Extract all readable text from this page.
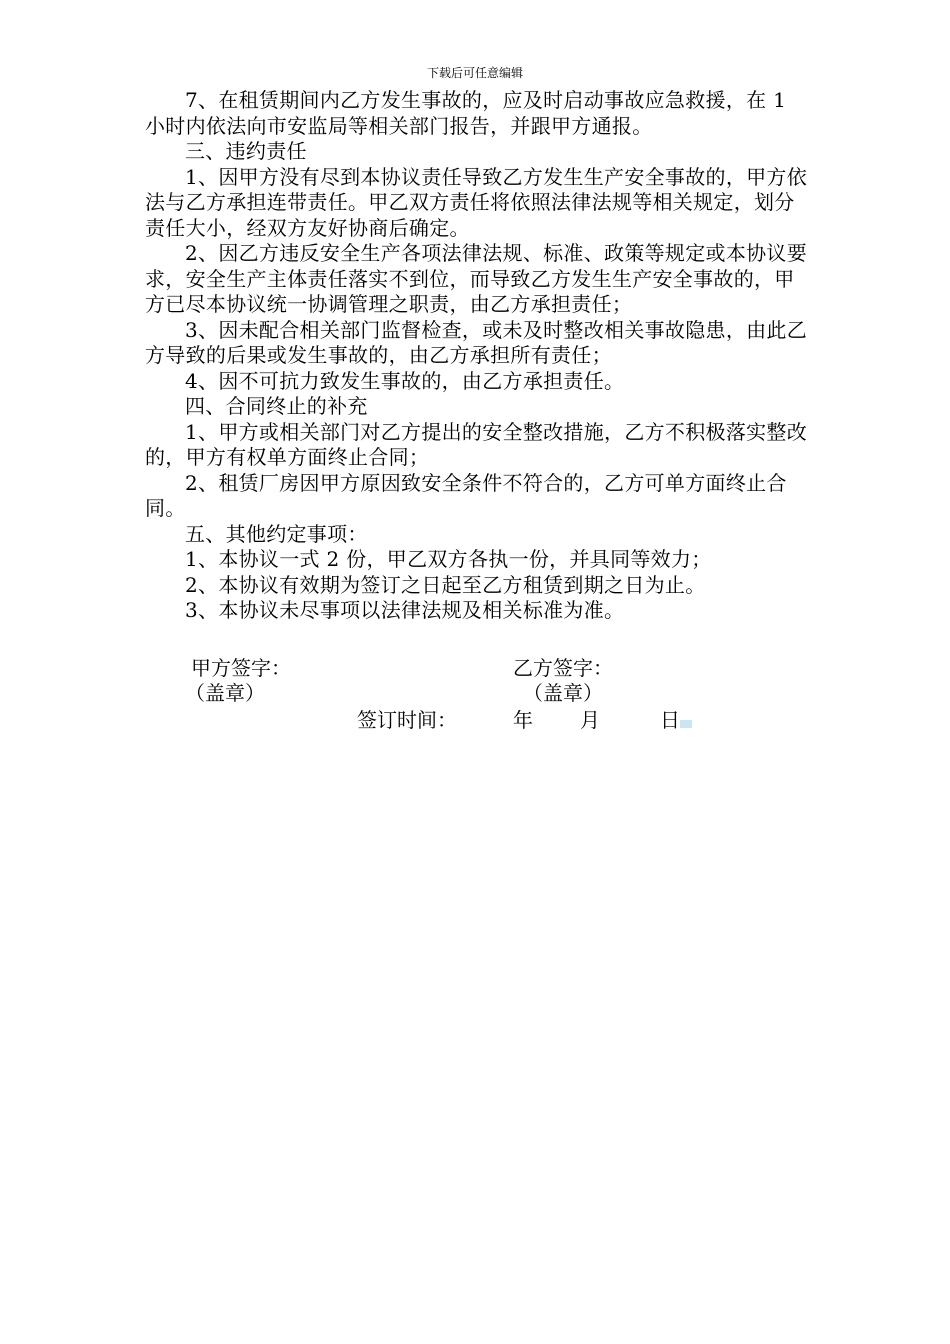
下载后可任意编辑

7、在租赁期间内乙方发生事故的，应及时启动事故应急救援，在 1 小时内依法向市安监局等相关部门报告，并跟甲方通报。

三、违约责任

1、因甲方没有尽到本协议责任导致乙方发生生产安全事故的，甲方依法与乙方承担连带责任。甲乙双方责任将依照法律法规等相关规定，划分责任大小，经双方友好协商后确定。

2、因乙方违反安全生产各项法律法规、标准、政策等规定或本协议要求，安全生产主体责任落实不到位，而导致乙方发生生产安全事故的，甲方已尽本协议统一协调管理之职责，由乙方承担责任；

3、因未配合相关部门监督检查，或未及时整改相关事故隐患，由此乙方导致的后果或发生事故的，由乙方承担所有责任；

4、因不可抗力致发生事故的，由乙方承担责任。

四、合同终止的补充

1、甲方或相关部门对乙方提出的安全整改措施，乙方不积极落实整改的，甲方有权单方面终止合同；

2、租赁厂房因甲方原因致安全条件不符合的，乙方可单方面终止合同。

五、其他约定事项：

1、本协议一式 2 份，甲乙双方各执一份，并具同等效力；

2、本协议有效期为签订之日起至乙方租赁到期之日为止。

3、本协议未尽事项以法律法规及相关标准为准。

甲方签字：	乙方签字：
（盖章）	（盖章）
签订时间：	年 月	日
